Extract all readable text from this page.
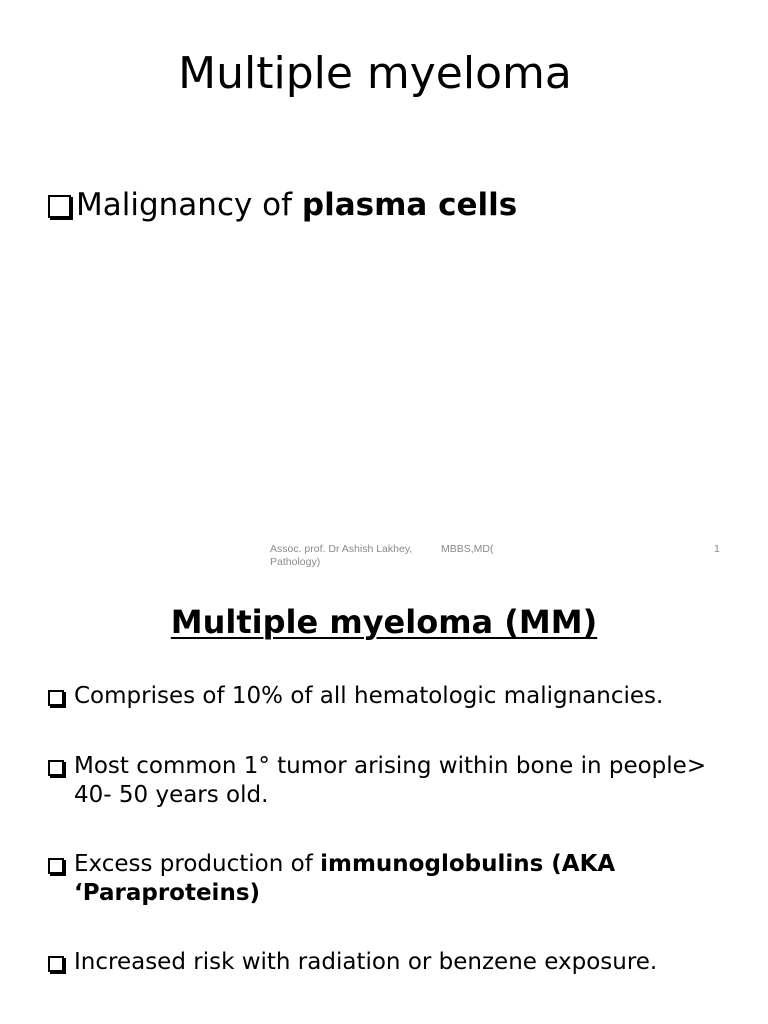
Multiple myeloma
Malignancy of plasma cells
Assoc. prof. Dr Ashish Lakhey,
Pathology)
MBBS,MD(	1
Multiple myeloma (MM)
Comprises of 10% of all hematologic malignancies.
Most common 1° tumor arising within bone in people> 40- 50 years old.
Excess production of immunoglobulins (AKA ‘Paraproteins)
Increased risk with radiation or benzene exposure.
